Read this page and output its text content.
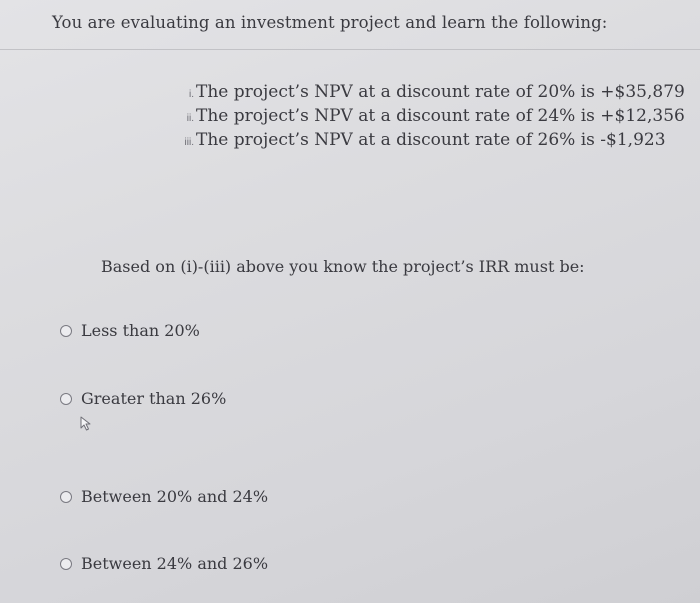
You are evaluating an investment project and learn the following:
i. The project’s NPV at a discount rate of 20% is +$35,879
ii. The project’s NPV at a discount rate of 24% is +$12,356
iii. The project’s NPV at a discount rate of 26% is -$1,923
Based on (i)-(iii) above you know the project’s IRR must be:
Less than 20%
Greater than 26%
Between 20% and 24%
Between 24% and 26%
